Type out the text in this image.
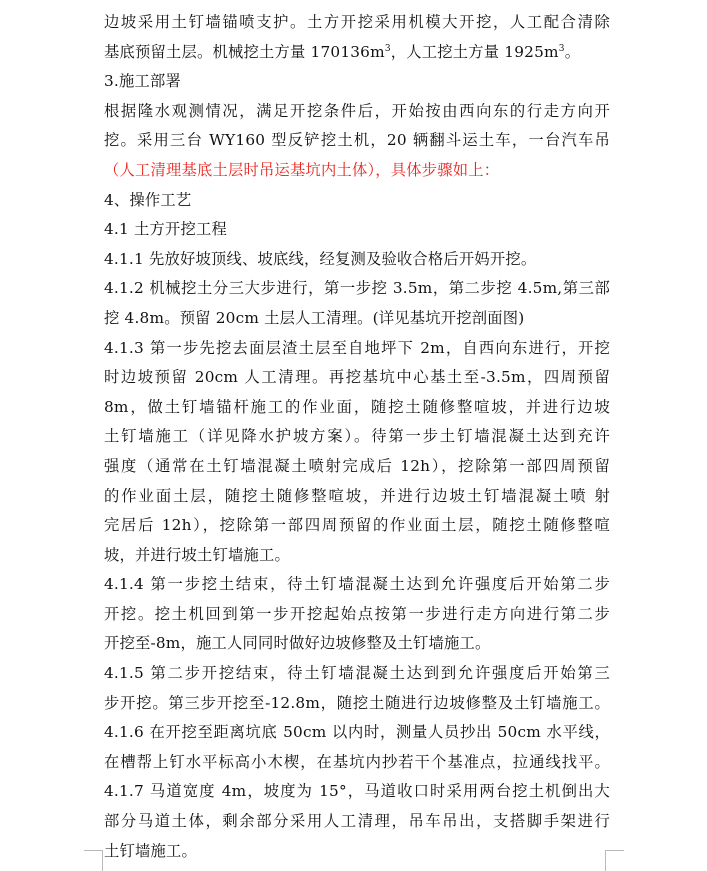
边坡采用土钉墙锚喷支护。土方开挖采用机模大开挖，人工配合清除
基底预留土层。机械挖土方量 $170136m^3$，人工挖土方量 $1925m^3$。
3.施工部署
根据隆水观测情况，满足开挖条件后，开始按由西向东的行走方向开
挖。采用三台 WY160 型反铲挖土机，20 辆翻斗运土车，一台汽车吊
（人工清理基底土层时吊运基坑内土体），具体步骤如上：
4、操作工艺
4.1 土方开挖工程
4.1.1 先放好坡顶线、坡底线，经复测及验收合格后开妈开挖。
4.1.2 机械挖土分三大步进行，第一步挖 3.5m，第二步挖 4.5m,第三部
挖 4.8m。预留 20cm 土层人工清理。(详见基坑开挖剖面图)
4.1.3 第一步先挖去面层渣土层至自地坪下 2m，自西向东进行，开挖
时边坡预留 20cm 人工清理。再挖基坑中心基土至-3.5m，四周预留
8m，做土钉墙锚杆施工的作业面，随挖土随修整喧坡，并进行边坡
土钉墙施工（详见降水护坡方案）。待第一步土钉墙混凝土达到充许
强度（通常在土钉墙混凝土喷射完成后 12h），挖除第一部四周预留
的作业面土层，随挖土随修整喧坡，并进行边坡土钉墙混凝土喷 射
完居后 12h），挖除第一部四周预留的作业面土层，随挖土随修整喧
坡，并进行坡土钉墙施工。
4.1.4 第一步挖土结束，待土钉墙混凝土达到允许强度后开始第二步
开挖。挖土机回到第一步开挖起始点按第一步进行走方向进行第二步
开挖至-8m，施工人同同时做好边坡修整及土钉墙施工。
4.1.5 第二步开挖结束，待土钉墙混凝土达到到允许强度后开始第三
步开挖。第三步开挖至-12.8m，随挖土随进行边坡修整及土钉墙施工。
4.1.6 在开挖至距离坑底 50cm 以内时，测量人员抄出 50cm 水平线，
在槽帮上钉水平标高小木楔，在基坑内抄若干个基准点，拉通线找平。
4.1.7 马道宽度 4m，坡度为 15°，马道收口时采用两台挖土机倒出大
部分马道土体，剩余部分采用人工清理，吊车吊出，支搭脚手架进行
土钉墙施工。
